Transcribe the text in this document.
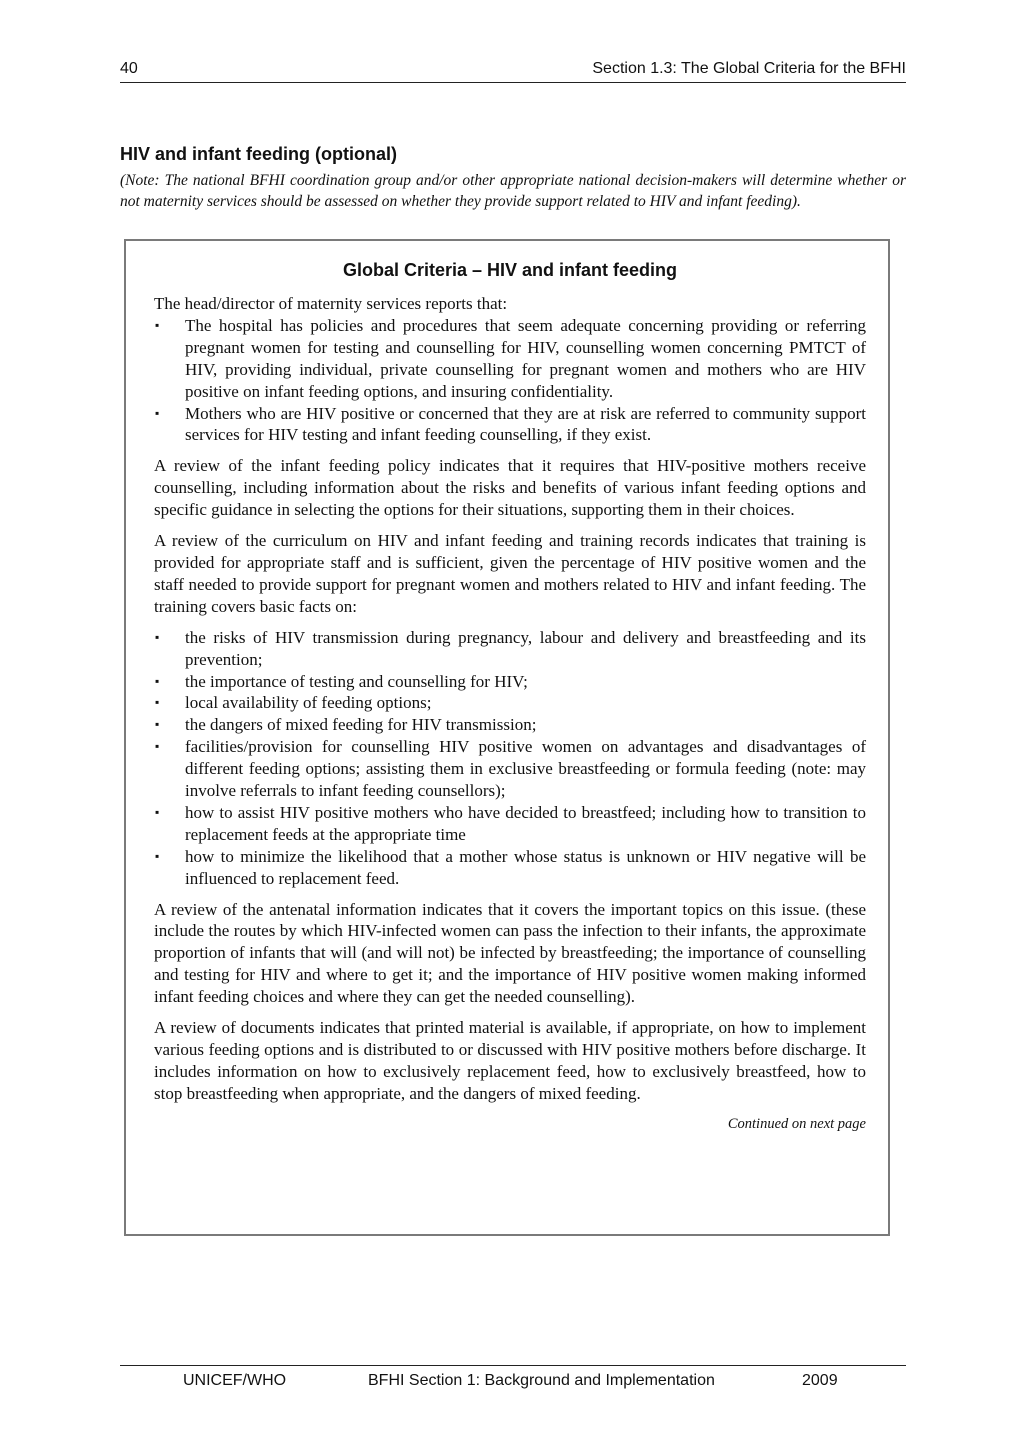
40	Section 1.3: The Global Criteria for the BFHI
HIV and infant feeding (optional)

(Note: The national BFHI coordination group and/or other appropriate national decision-makers will determine whether or not maternity services should be assessed on whether they provide support related to HIV and infant feeding).

Global Criteria – HIV and infant feeding

The head/director of maternity services reports that:

▪ The hospital has policies and procedures that seem adequate concerning providing or referring pregnant women for testing and counselling for HIV, counselling women concerning PMTCT of HIV, providing individual, private counselling for pregnant women and mothers who are HIV positive on infant feeding options, and insuring confidentiality.
▪ Mothers who are HIV positive or concerned that they are at risk are referred to community support services for HIV testing and infant feeding counselling, if they exist.

A review of the infant feeding policy indicates that it requires that HIV-positive mothers receive counselling, including information about the risks and benefits of various infant feeding options and specific guidance in selecting the options for their situations, supporting them in their choices.

A review of the curriculum on HIV and infant feeding and training records indicates that training is provided for appropriate staff and is sufficient, given the percentage of HIV positive women and the staff needed to provide support for pregnant women and mothers related to HIV and infant feeding. The training covers basic facts on:

▪ the risks of HIV transmission during pregnancy, labour and delivery and breastfeeding and its prevention;
▪ the importance of testing and counselling for HIV;
▪ local availability of feeding options;
▪ the dangers of mixed feeding for HIV transmission;
▪ facilities/provision for counselling HIV positive women on advantages and disadvantages of different feeding options; assisting them in exclusive breastfeeding or formula feeding (note: may involve referrals to infant feeding counsellors);
▪ how to assist HIV positive mothers who have decided to breastfeed; including how to transition to replacement feeds at the appropriate time
▪ how to minimize the likelihood that a mother whose status is unknown or HIV negative will be influenced to replacement feed.

A review of the antenatal information indicates that it covers the important topics on this issue. (these include the routes by which HIV-infected women can pass the infection to their infants, the approximate proportion of infants that will (and will not) be infected by breastfeeding; the importance of counselling and testing for HIV and where to get it; and the importance of HIV positive women making informed infant feeding choices and where they can get the needed counselling).

A review of documents indicates that printed material is available, if appropriate, on how to implement various feeding options and is distributed to or discussed with HIV positive mothers before discharge. It includes information on how to exclusively replacement feed, how to exclusively breastfeed, how to stop breastfeeding when appropriate, and the dangers of mixed feeding.

Continued on next page
UNICEF/WHO	BFHI Section 1: Background and Implementation	2009
